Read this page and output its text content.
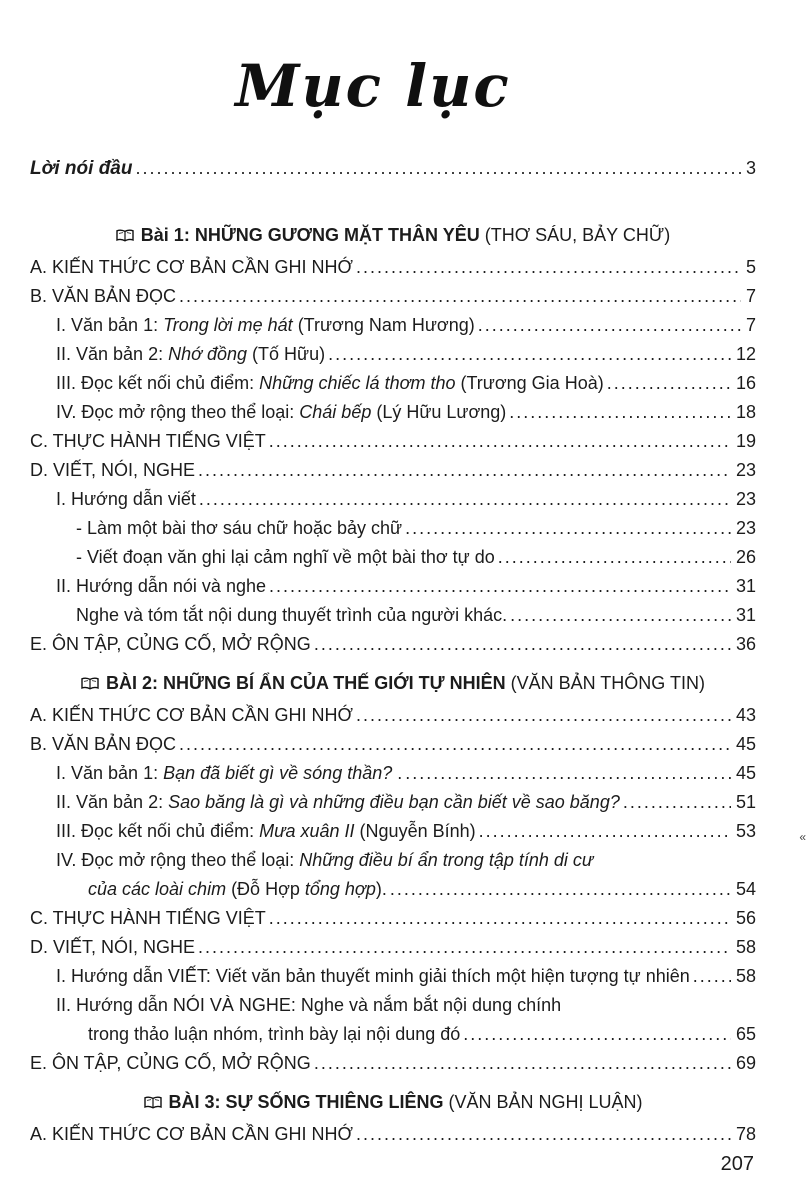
Mục lục
Lời nói đầu .....	3
Bài 1: NHỮNG GƯƠNG MẶT THÂN YÊU (THƠ SÁU, BẢY CHỮ)
A. KIẾN THỨC CƠ BẢN CẦN GHI NHỚ .....	5
B. VĂN BẢN ĐỌC .....	7
I. Văn bản 1: Trong lời mẹ hát (Trương Nam Hương) .....	7
II. Văn bản 2: Nhớ đồng (Tố Hữu) .....	12
III. Đọc kết nối chủ điểm: Những chiếc lá thơm tho (Trương Gia Hoà) .....	16
IV. Đọc mở rộng theo thể loại: Chái bếp (Lý Hữu Lương) .....	18
C. THỰC HÀNH TIẾNG VIỆT .....	19
D. VIẾT, NÓI, NGHE .....	23
I. Hướng dẫn viết .....	23
- Làm một bài thơ sáu chữ hoặc bảy chữ .....	23
- Viết đoạn văn ghi lại cảm nghĩ về một bài thơ tự do .....	26
II. Hướng dẫn nói và nghe .....	31
Nghe và tóm tắt nội dung thuyết trình của người khác. .....	31
E. ÔN TẬP, CỦNG CỐ, MỞ RỘNG .....	36
BÀI 2: NHỮNG BÍ ẨN CỦA THẾ GIỚI TỰ NHIÊN (VĂN BẢN THÔNG TIN)
A. KIẾN THỨC CƠ BẢN CẦN GHI NHỚ .....	43
B. VĂN BẢN ĐỌC .....	45
I. Văn bản 1: Bạn đã biết gì về sóng thần? . .....	45
II. Văn bản 2: Sao băng là gì và những điều bạn cần biết về sao băng? .....	51
III. Đọc kết nối chủ điểm: Mưa xuân II (Nguyễn Bính) .....	53
IV. Đọc mở rộng theo thể loại: Những điều bí ẩn trong tập tính di cư
của các loài chim (Đỗ Hợp tổng hợp). .....	54
C. THỰC HÀNH TIẾNG VIỆT .....	56
D. VIẾT, NÓI, NGHE .....	58
I. Hướng dẫn VIẾT: Viết văn bản thuyết minh giải thích một hiện tượng tự nhiên .....	58
II. Hướng dẫn NÓI VÀ NGHE: Nghe và nắm bắt nội dung chính
trong thảo luận nhóm, trình bày lại nội dung đó .....	65
E. ÔN TẬP, CỦNG CỐ, MỞ RỘNG .....	69
BÀI 3: SỰ SỐNG THIÊNG LIÊNG (VĂN BẢN NGHỊ LUẬN)
A. KIẾN THỨC CƠ BẢN CẦN GHI NHỚ .....	78
207
«
